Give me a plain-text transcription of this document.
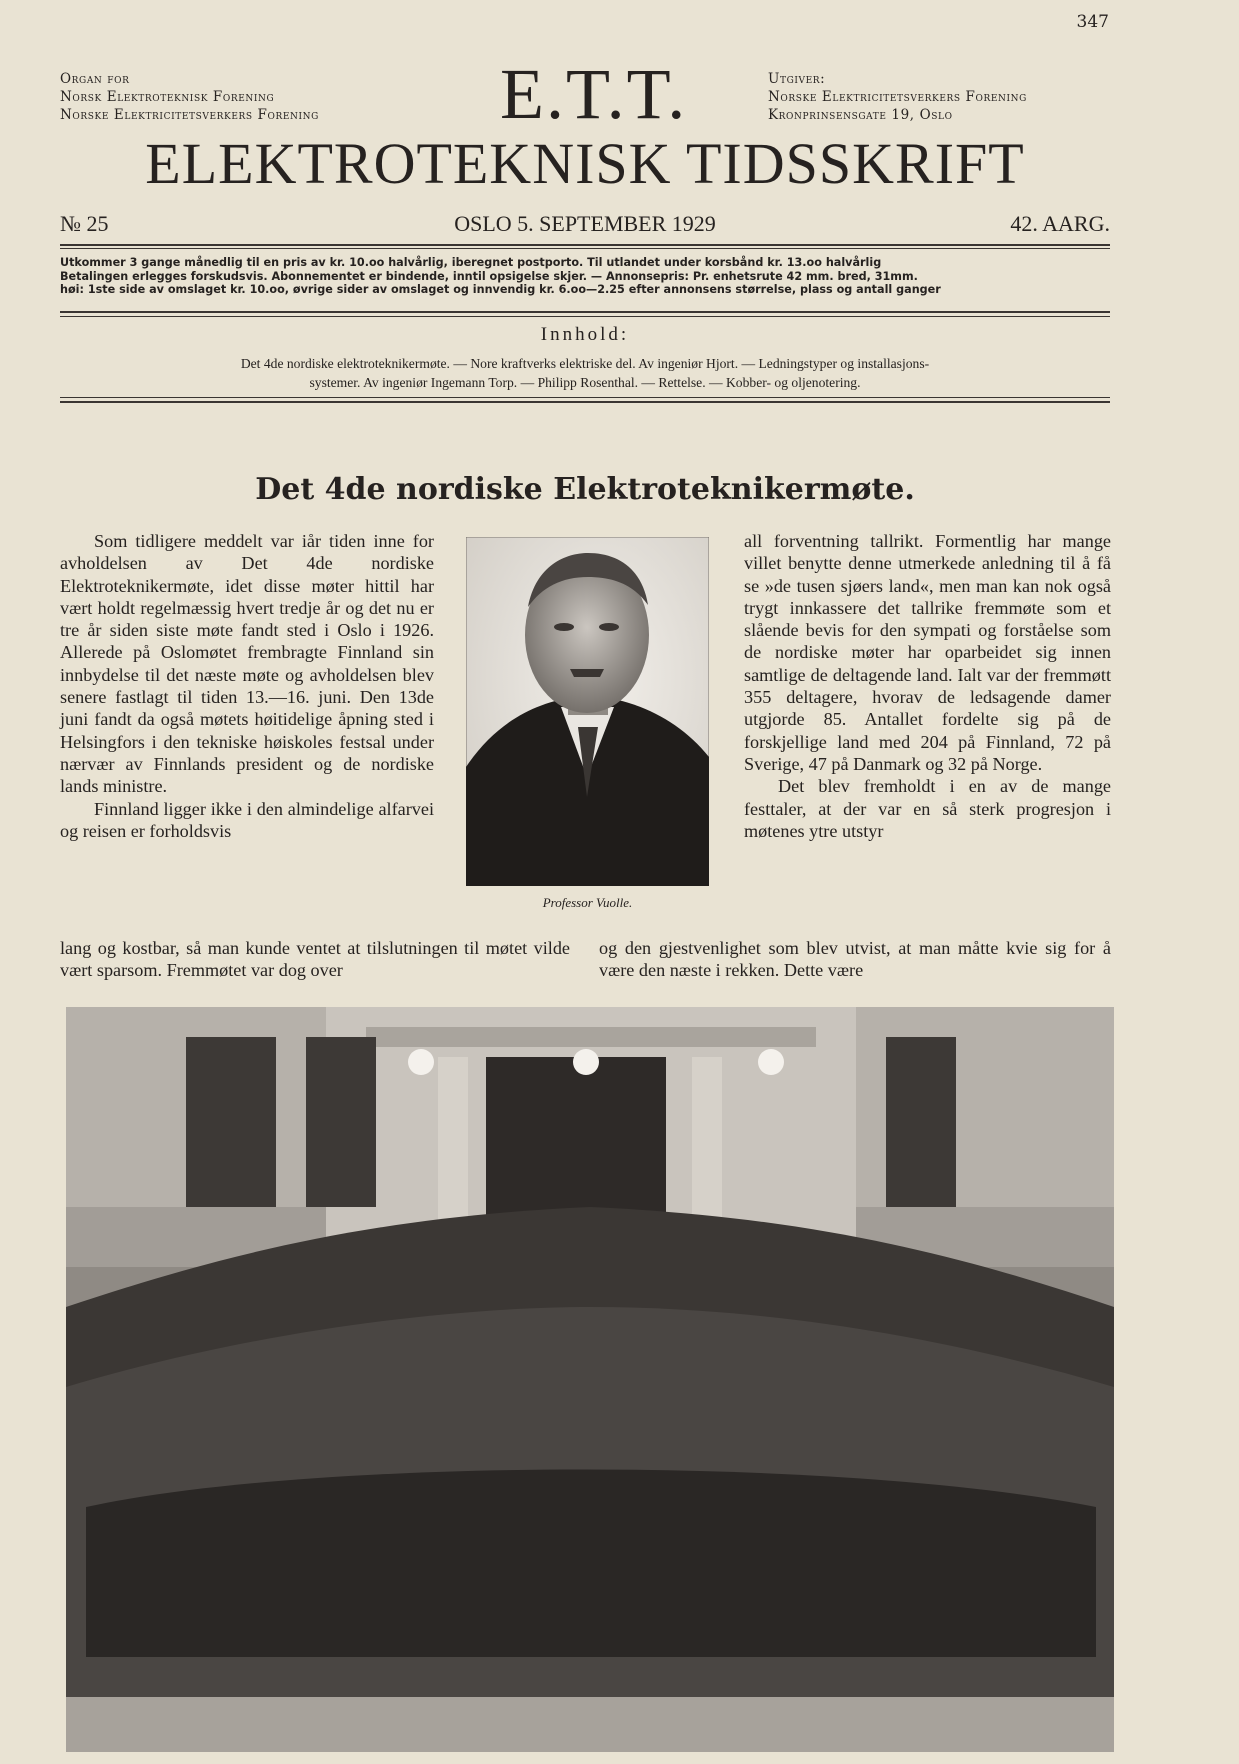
347
Organ for
Norsk Elektroteknisk Forening
Norske Elektricitetsverkers Forening	E.T.T.	Utgiver:
Norske Elektricitetsverkers Forening
Kronprinsensgate 19, Oslo
ELEKTROTEKNISK TIDSSKRIFT
№ 25	OSLO 5. SEPTEMBER 1929	42. AARG.

Utkommer 3 gange månedlig til en pris av kr. 10.oo halvårlig, iberegnet postporto. Til utlandet under korsbånd kr. 13.oo halvårlig

Betalingen erlegges forskudsvis. Abonnementet er bindende, inntil opsigelse skjer. — Annonsepris: Pr. enhetsrute 42 mm. bred, 31mm.

høi: 1ste side av omslaget kr. 10.oo, øvrige sider av omslaget og innvendig kr. 6.oo—2.25 efter annonsens størrelse, plass og antall ganger

Innhold:

Det 4de nordiske elektroteknikermøte. — Nore kraftverks elektriske del. Av ingeniør Hjort. — Ledningstyper og installasjons-

systemer. Av ingeniør Ingemann Torp. — Philipp Rosenthal. — Rettelse. — Kobber- og oljenotering.

Det 4de nordiske Elektroteknikermøte.

Som tidligere meddelt var iår tiden inne for avholdelsen av Det 4de nordiske Elektroteknikermøte, idet disse møter hittil har vært holdt regelmæssig hvert tredje år og det nu er tre år siden siste møte fandt sted i Oslo i 1926. Allerede på Oslomøtet frembragte Finnland sin innbydelse til det næste møte og avholdelsen blev senere fastlagt til tiden 13.—16. juni. Den 13de juni fandt da også møtets høitidelige åpning sted i Helsingfors i den tekniske høiskoles festsal under nærvær av Finnlands president og de nordiske lands ministre.

Finnland ligger ikke i den almindelige alfarvei og reisen er forholdsvis

Professor Vuolle.

all forventning tallrikt. Formentlig har mange villet benytte denne utmerkede anledning til å få se »de tusen sjøers land«, men man kan nok også trygt innkassere det tallrike fremmøte som et slående bevis for den sympati og forståelse som de nordiske møter har oparbeidet sig innen samtlige de deltagende land. Ialt var der fremmøtt 355 deltagere, hvorav de ledsagende damer utgjorde 85. Antallet fordelte sig på de forskjellige land med 204 på Finnland, 72 på Sverige, 47 på Danmark og 32 på Norge.

Det blev fremholdt i en av de mange festtaler, at der var en så sterk progresjon i møtenes ytre utstyr

lang og kostbar, så man kunde ventet at tilslutningen til møtet vilde vært sparsom. Fremmøtet var dog over
og den gjestvenlighet som blev utvist, at man måtte kvie sig for å være den næste i rekken. Dette være
